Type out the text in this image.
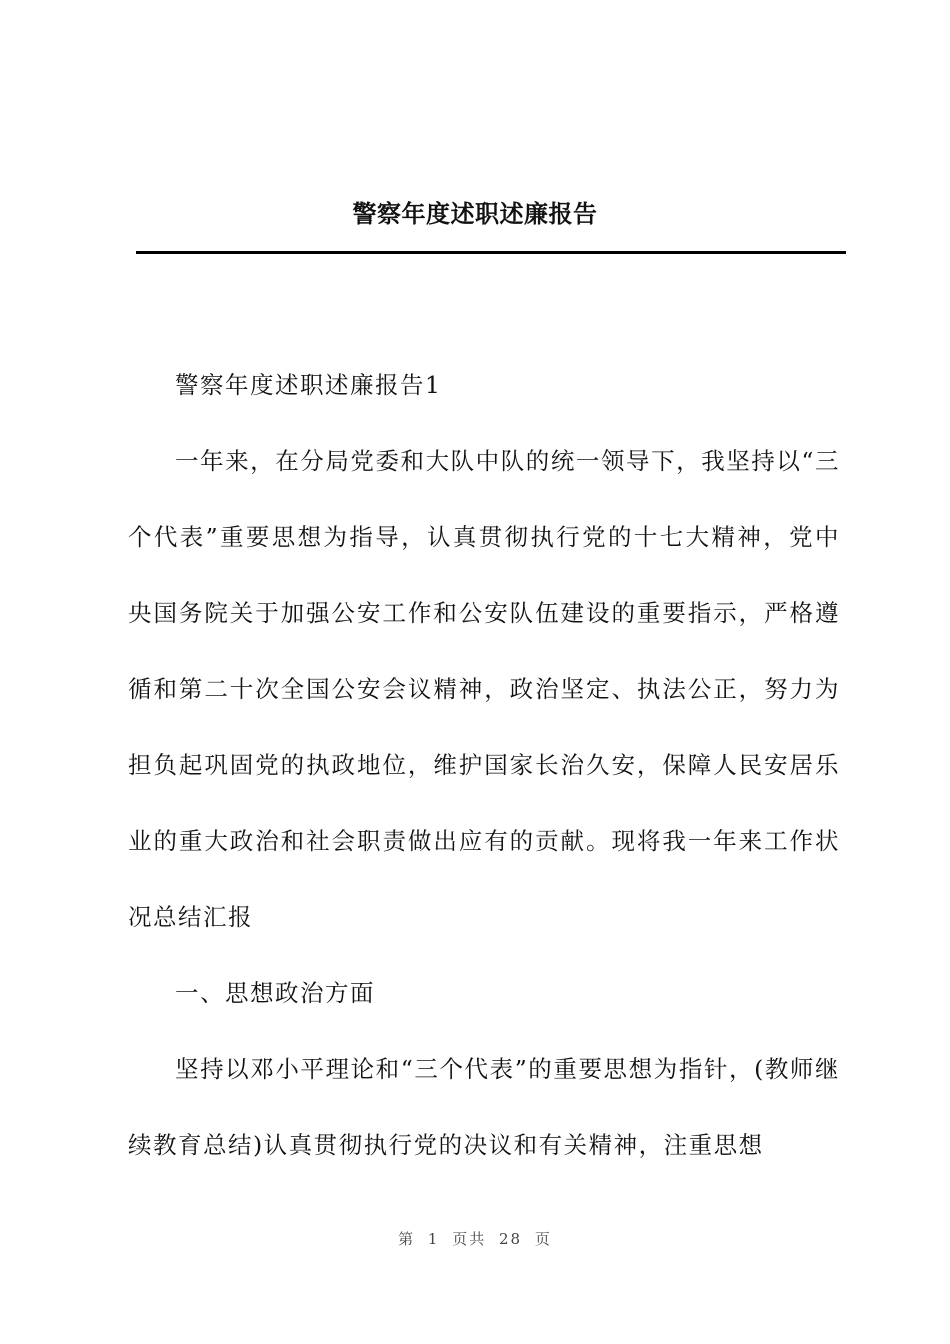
警察年度述职述廉报告

警察年度述职述廉报告1

一年来，在分局党委和大队中队的统一领导下，我坚持以“三个代表”重要思想为指导，认真贯彻执行党的十七大精神，党中央国务院关于加强公安工作和公安队伍建设的重要指示，严格遵循和第二十次全国公安会议精神，政治坚定、执法公正，努力为担负起巩固党的执政地位，维护国家长治久安，保障人民安居乐业的重大政治和社会职责做出应有的贡献。现将我一年来工作状况总结汇报

一、思想政治方面

坚持以邓小平理论和“三个代表”的重要思想为指针，(教师继续教育总结)认真贯彻执行党的决议和有关精神，注重思想

第 1 页共 28 页
